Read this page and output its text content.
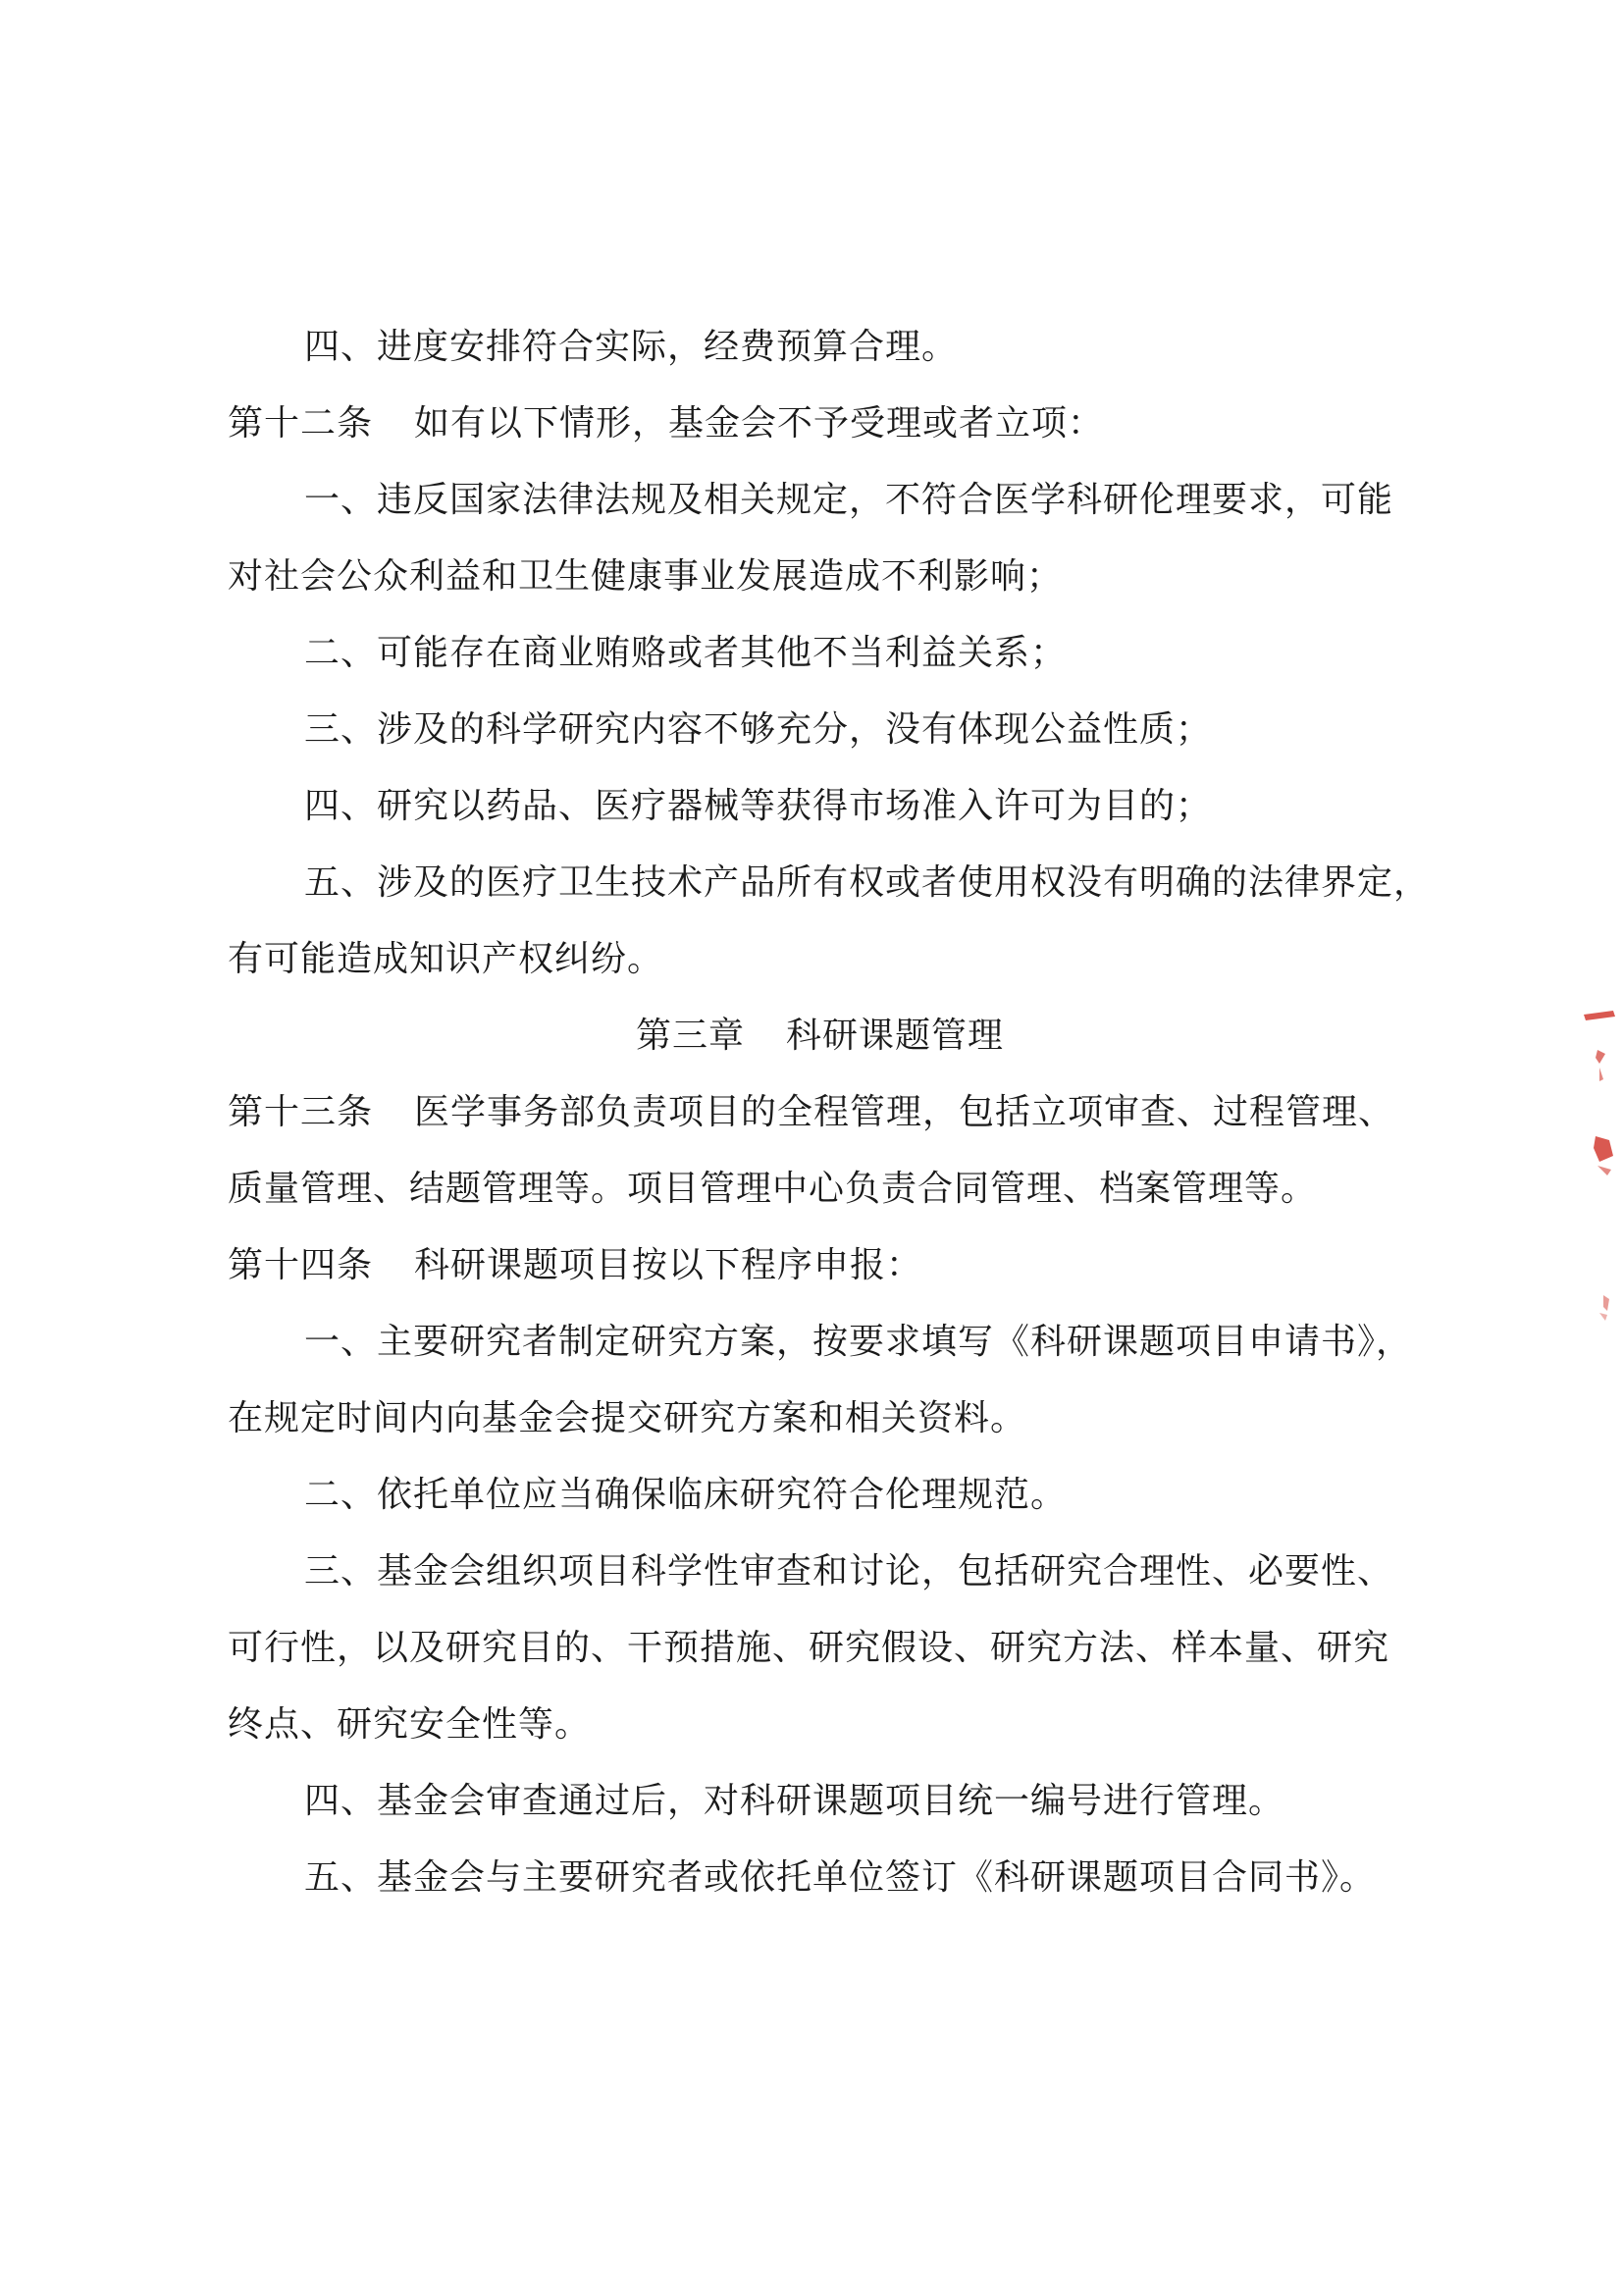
四、进度安排符合实际，经费预算合理。
第十二条 如有以下情形，基金会不予受理或者立项：
一、违反国家法律法规及相关规定，不符合医学科研伦理要求，可能
对社会公众利益和卫生健康事业发展造成不利影响；
二、可能存在商业贿赂或者其他不当利益关系；
三、涉及的科学研究内容不够充分，没有体现公益性质；
四、研究以药品、医疗器械等获得市场准入许可为目的；
五、涉及的医疗卫生技术产品所有权或者使用权没有明确的法律界定，
有可能造成知识产权纠纷。
第三章 科研课题管理
第十三条 医学事务部负责项目的全程管理，包括立项审查、过程管理、
质量管理、结题管理等。项目管理中心负责合同管理、档案管理等。
第十四条 科研课题项目按以下程序申报：
一、主要研究者制定研究方案，按要求填写《科研课题项目申请书》，
在规定时间内向基金会提交研究方案和相关资料。
二、依托单位应当确保临床研究符合伦理规范。
三、基金会组织项目科学性审查和讨论，包括研究合理性、必要性、
可行性，以及研究目的、干预措施、研究假设、研究方法、样本量、研究
终点、研究安全性等。
四、基金会审查通过后，对科研课题项目统一编号进行管理。
五、基金会与主要研究者或依托单位签订《科研课题项目合同书》。
